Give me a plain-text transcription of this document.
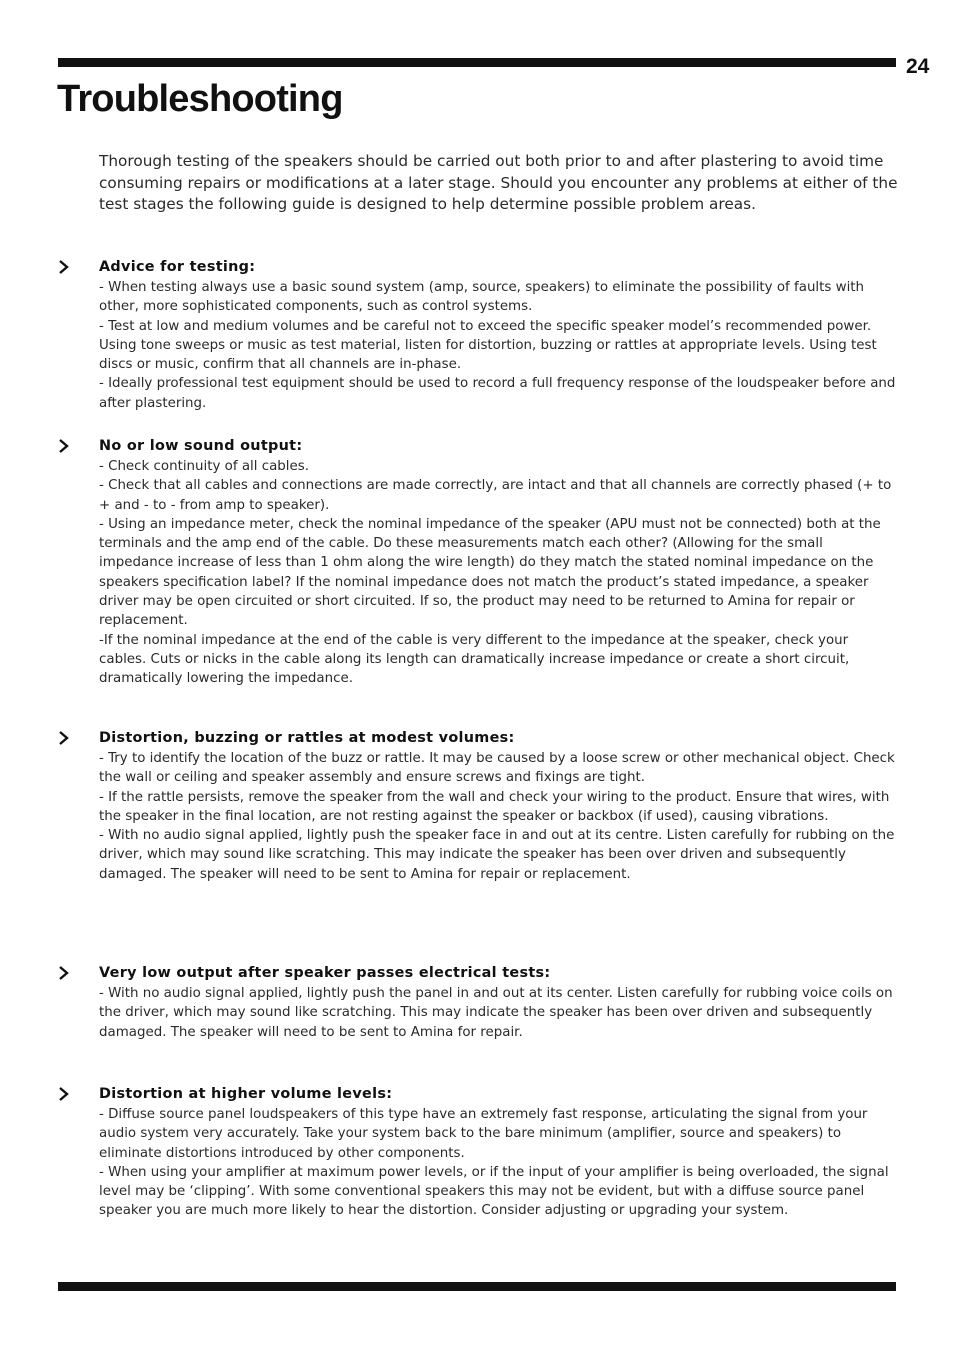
24
Troubleshooting

Thorough testing of the speakers should be carried out both prior to and after plastering to avoid time consuming repairs or modifications at a later stage. Should you encounter any problems at either of the test stages the following guide is designed to help determine possible problem areas.

Advice for testing:

- When testing always use a basic sound system (amp, source, speakers) to eliminate the possibility of faults with other, more sophisticated components, such as control systems.

- Test at low and medium volumes and be careful not to exceed the specific speaker model’s recommended power. Using tone sweeps or music as test material, listen for distortion, buzzing or rattles at appropriate levels. Using test discs or music, confirm that all channels are in-phase.

- Ideally professional test equipment should be used to record a full frequency response of the loudspeaker before and after plastering.

No or low sound output:

- Check continuity of all cables.

- Check that all cables and connections are made correctly, are intact and that all channels are correctly phased (+ to + and - to - from amp to speaker).

- Using an impedance meter, check the nominal impedance of the speaker (APU must not be connected) both at the terminals and the amp end of the cable. Do these measurements match each other? (Allowing for the small impedance increase of less than 1 ohm along the wire length) do they match the stated nominal impedance on the speakers specification label? If the nominal impedance does not match the product’s stated impedance, a speaker driver may be open circuited or short circuited. If so, the product may need to be returned to Amina for repair or replacement.

-If the nominal impedance at the end of the cable is very different to the impedance at the speaker, check your cables. Cuts or nicks in the cable along its length can dramatically increase impedance or create a short circuit, dramatically lowering the impedance.

Distortion, buzzing or rattles at modest volumes:

- Try to identify the location of the buzz or rattle. It may be caused by a loose screw or other mechanical object. Check the wall or ceiling and speaker assembly and ensure screws and fixings are tight.

- If the rattle persists, remove the speaker from the wall and check your wiring to the product. Ensure that wires, with the speaker in the final location, are not resting against the speaker or backbox (if used), causing vibrations.

- With no audio signal applied, lightly push the speaker face in and out at its centre. Listen carefully for rubbing on the driver, which may sound like scratching. This may indicate the speaker has been over driven and subsequently damaged. The speaker will need to be sent to Amina for repair or replacement.

Very low output after speaker passes electrical tests:

- With no audio signal applied, lightly push the panel in and out at its center. Listen carefully for rubbing voice coils on the driver, which may sound like scratching. This may indicate the speaker has been over driven and subsequently damaged. The speaker will need to be sent to Amina for repair.

Distortion at higher volume levels:

- Diffuse source panel loudspeakers of this type have an extremely fast response, articulating the signal from your audio system very accurately. Take your system back to the bare minimum (amplifier, source and speakers) to eliminate distortions introduced by other components.

- When using your amplifier at maximum power levels, or if the input of your amplifier is being overloaded, the signal level may be ‘clipping’. With some conventional speakers this may not be evident, but with a diffuse source panel speaker you are much more likely to hear the distortion. Consider adjusting or upgrading your system.
